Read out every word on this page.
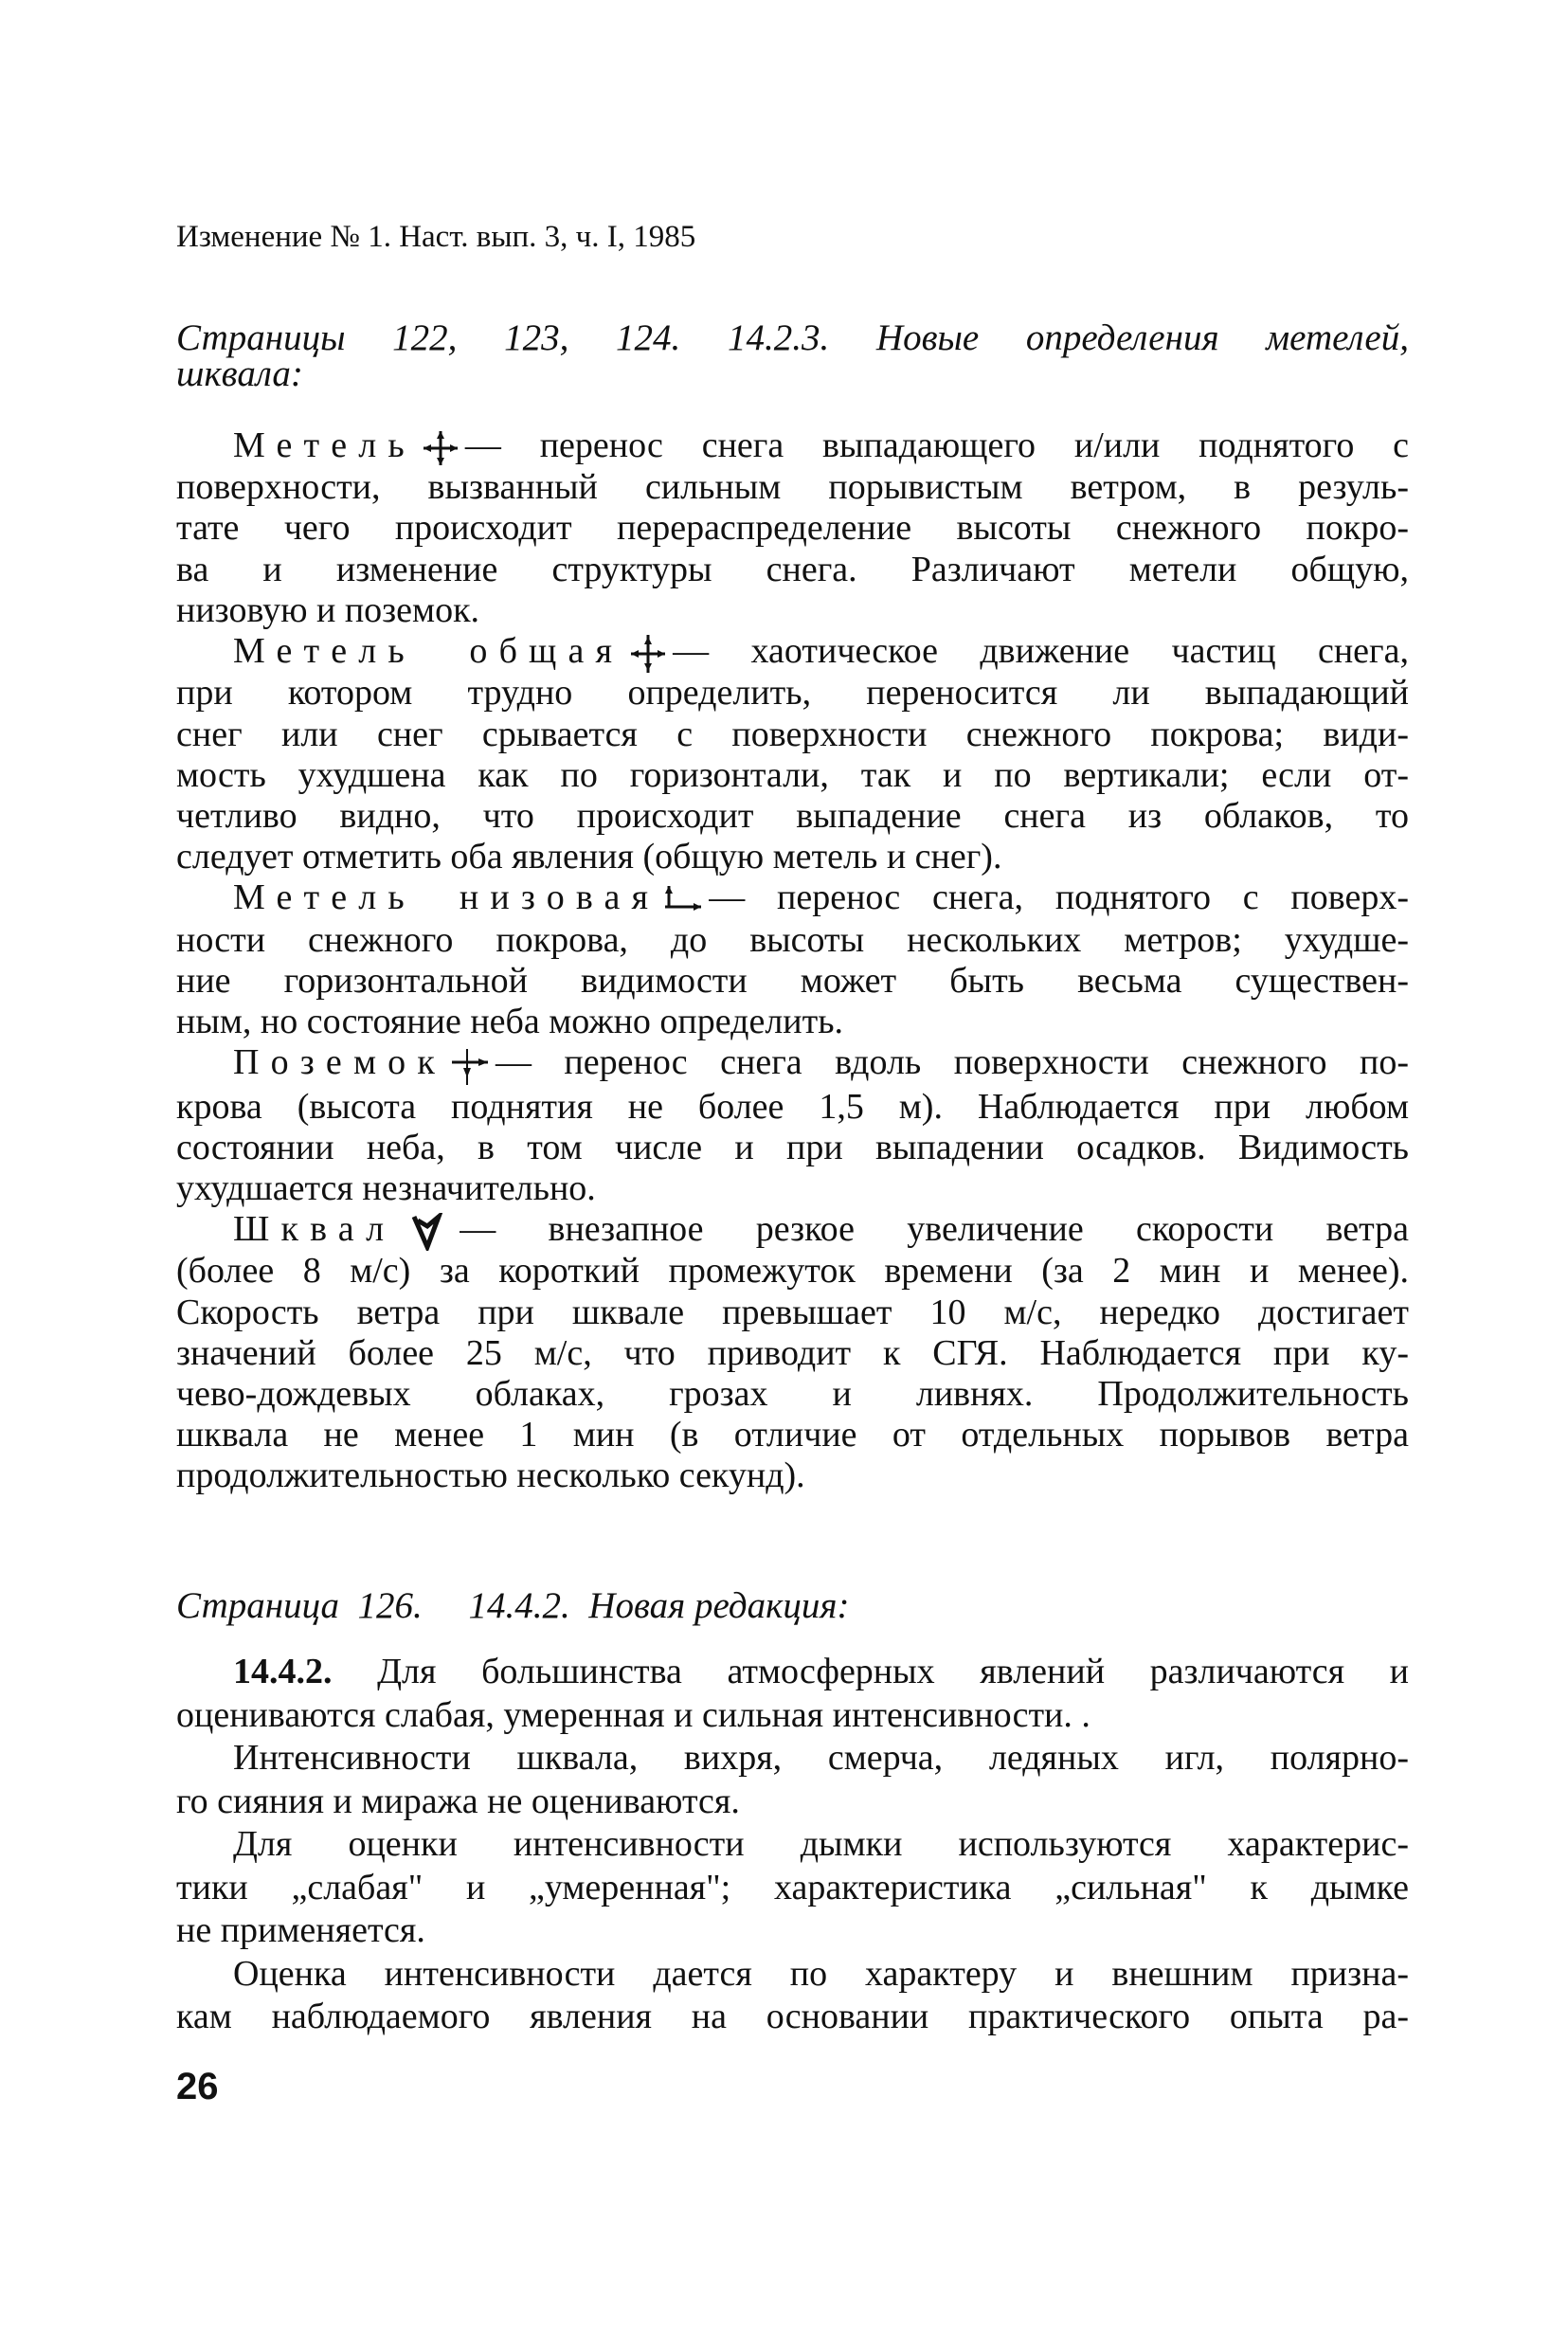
Изменение № 1. Наст. вып. 3, ч. I, 1985
Страницы 122, 123, 124. 14.2.3. Новые определения метелей,
шквала:
Метель — перенос снега выпадающего и/или поднятого с
поверхности, вызванный сильным порывистым ветром, в резуль-
тате чего происходит перераспределение высоты снежного покро-
ва и изменение структуры снега. Различают метели общую,
низовую и поземок.
Метель общая — хаотическое движение частиц снега,
при котором трудно определить, переносится ли выпадающий
снег или снег срывается с поверхности снежного покрова; види-
мость ухудшена как по горизонтали, так и по вертикали; если от-
четливо видно, что происходит выпадение снега из облаков, то
следует отметить оба явления (общую метель и снег).
Метель низовая — перенос снега, поднятого с поверх-
ности снежного покрова, до высоты нескольких метров; ухудше-
ние горизонтальной видимости может быть весьма существен-
ным, но состояние неба можно определить.
Поземок — перенос снега вдоль поверхности снежного по-
крова (высота поднятия не более 1,5 м). Наблюдается при любом
состоянии неба, в том числе и при выпадении осадков. Видимость
ухудшается незначительно.
Шквал — внезапное резкое увеличение скорости ветра
(более 8 м/с) за короткий промежуток времени (за 2 мин и менее).
Скорость ветра при шквале превышает 10 м/с, нередко достигает
значений более 25 м/с, что приводит к СГЯ. Наблюдается при ку-
чево-дождевых облаках, грозах и ливнях. Продолжительность
шквала не менее 1 мин (в отличие от отдельных порывов ветра
продолжительностью несколько секунд).
Страница  126.     14.4.2.  Новая редакция:
14.4.2. Для большинства атмосферных явлений различаются и
оцениваются слабая, умеренная и сильная интенсивности. .
Интенсивности шквала, вихря, смерча, ледяных игл, полярно-
го сияния и миража не оцениваются.
Для оценки интенсивности дымки используются характерис-
тики „слабая" и „умеренная"; характеристика „сильная" к дымке
не применяется.
Оценка интенсивности дается по характеру и внешним призна-
кам наблюдаемого явления на основании практического опыта ра-
26
